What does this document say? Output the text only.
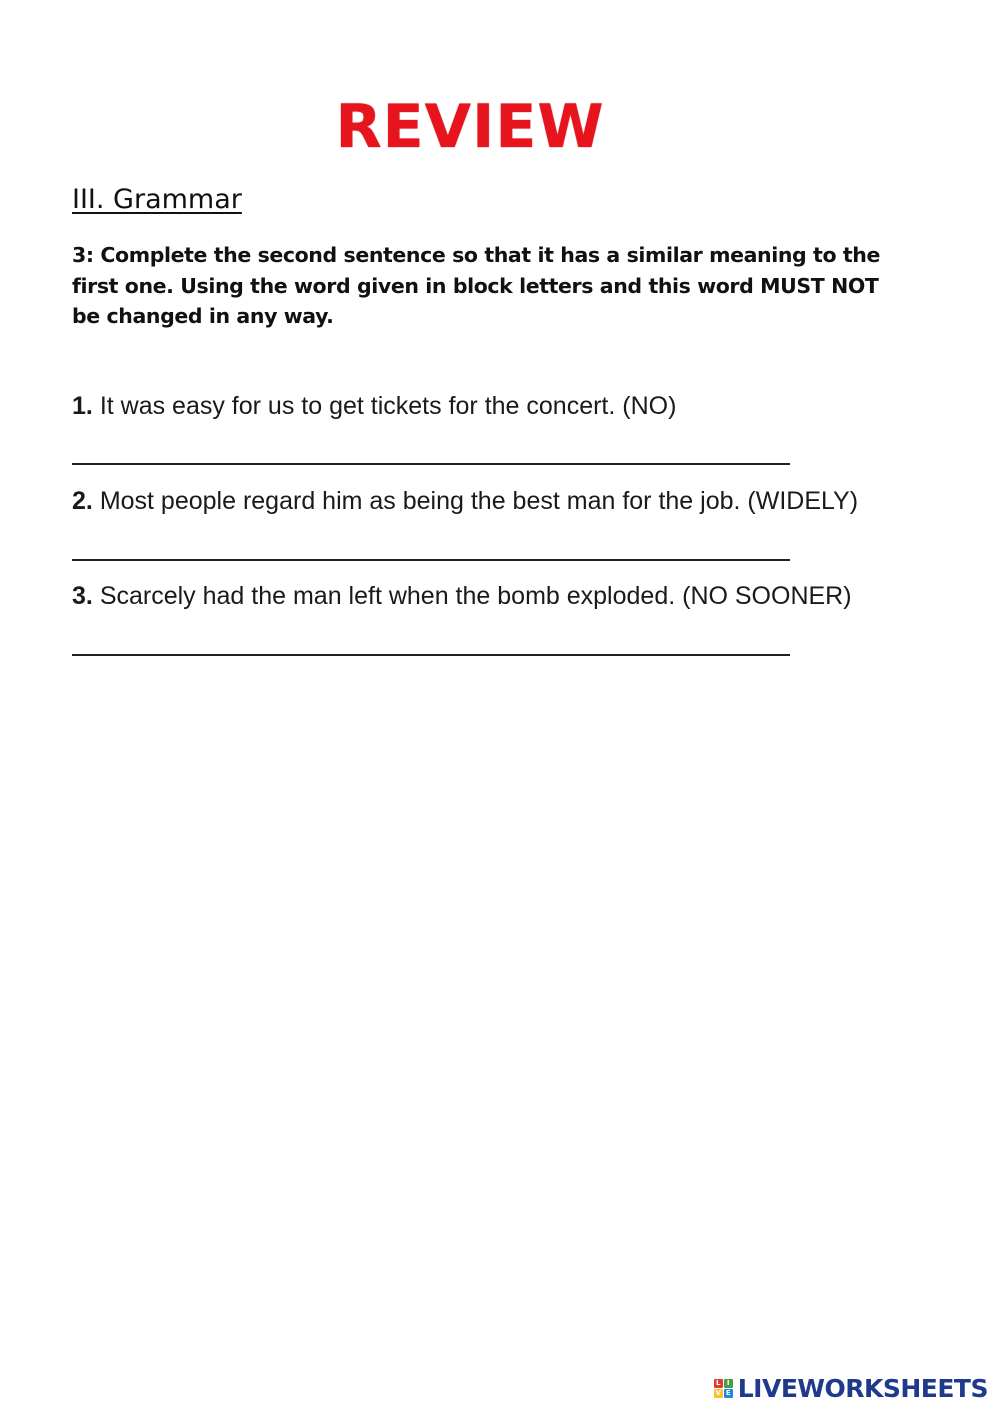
REVIEW
III. Grammar
3: Complete the second sentence so that it has a similar meaning to the first one. Using the word given in block letters and this word MUST NOT be changed in any way.
1. It was easy for us to get tickets for the concert. (NO)
2. Most people regard him as being the best man for the job. (WIDELY)
3. Scarcely had the man left when the bomb exploded. (NO SOONER)
L I
V E LIVEWORKSHEETS
